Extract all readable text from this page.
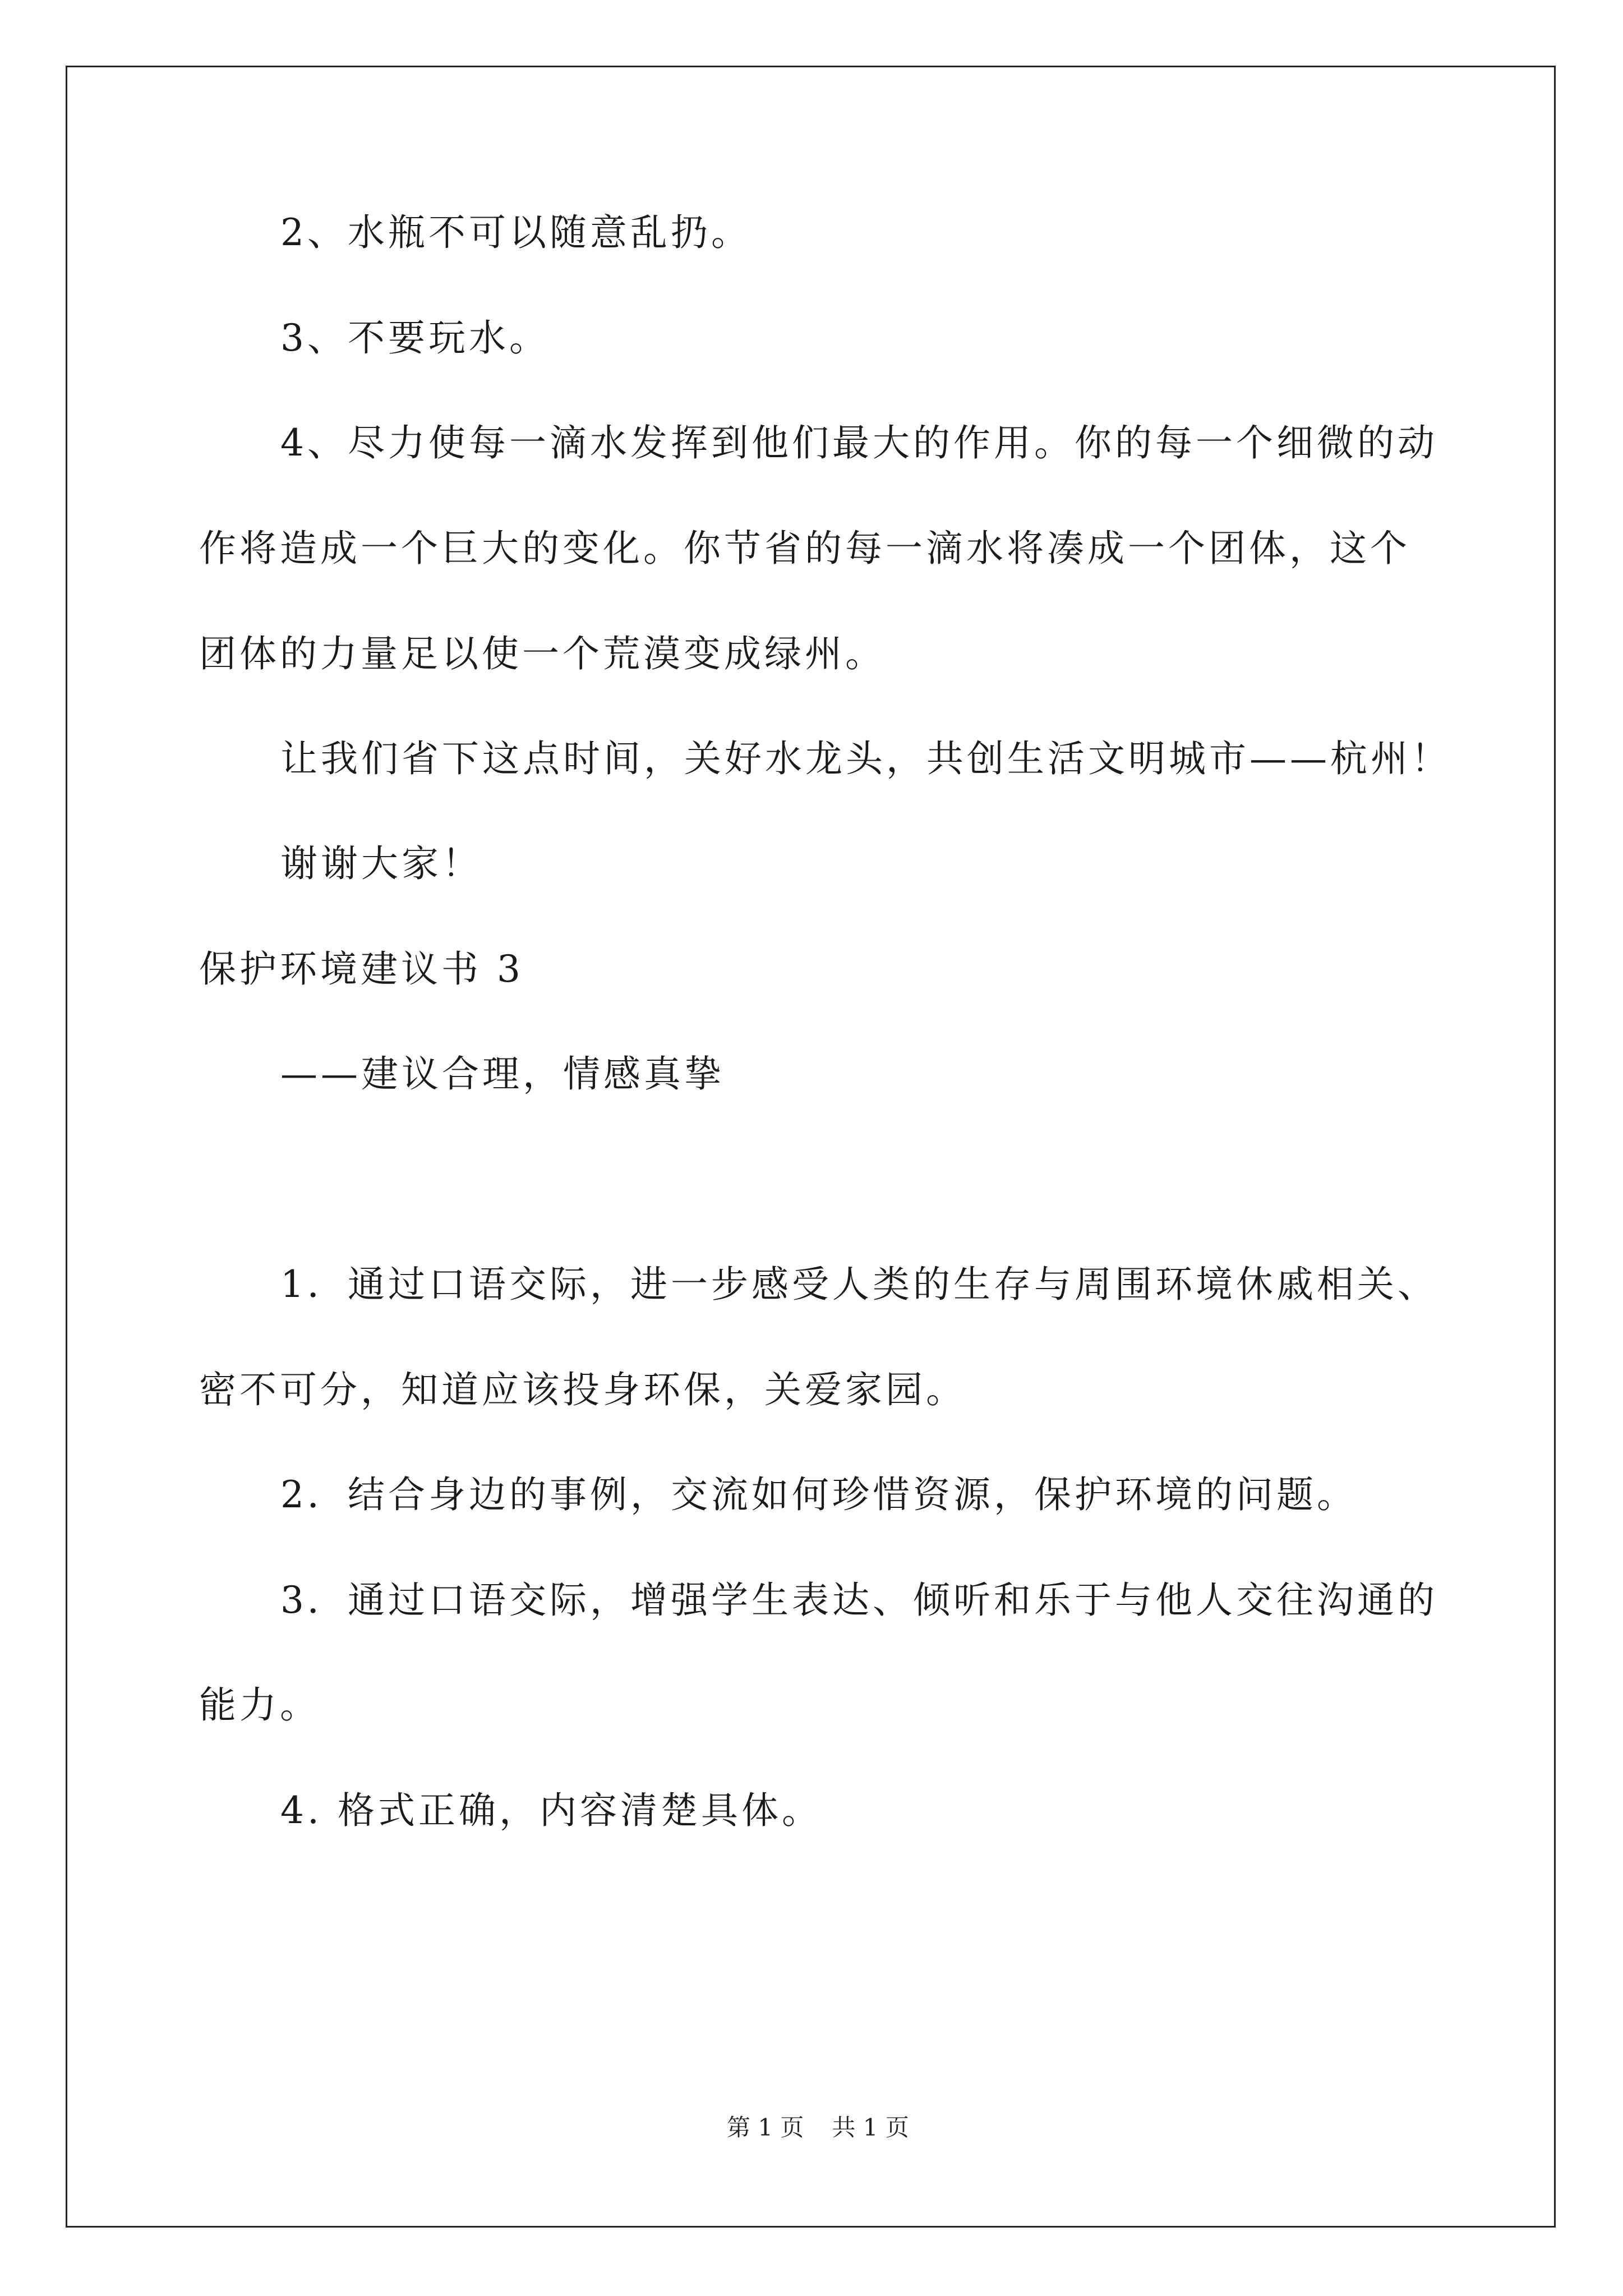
2、水瓶不可以随意乱扔。
3、不要玩水。
4、尽力使每一滴水发挥到他们最大的作用。你的每一个细微的动
作将造成一个巨大的变化。你节省的每一滴水将凑成一个团体，这个
团体的力量足以使一个荒漠变成绿州。
让我们省下这点时间，关好水龙头，共创生活文明城市——杭州！
谢谢大家！
保护环境建议书 3
——建议合理，情感真挚
1．通过口语交际，进一步感受人类的生存与周围环境休戚相关、
密不可分，知道应该投身环保，关爱家园。
2．结合身边的事例，交流如何珍惜资源，保护环境的问题。
3．通过口语交际，增强学生表达、倾听和乐于与他人交往沟通的
能力。
4. 格式正确，内容清楚具体。
第 1 页 共 1 页
